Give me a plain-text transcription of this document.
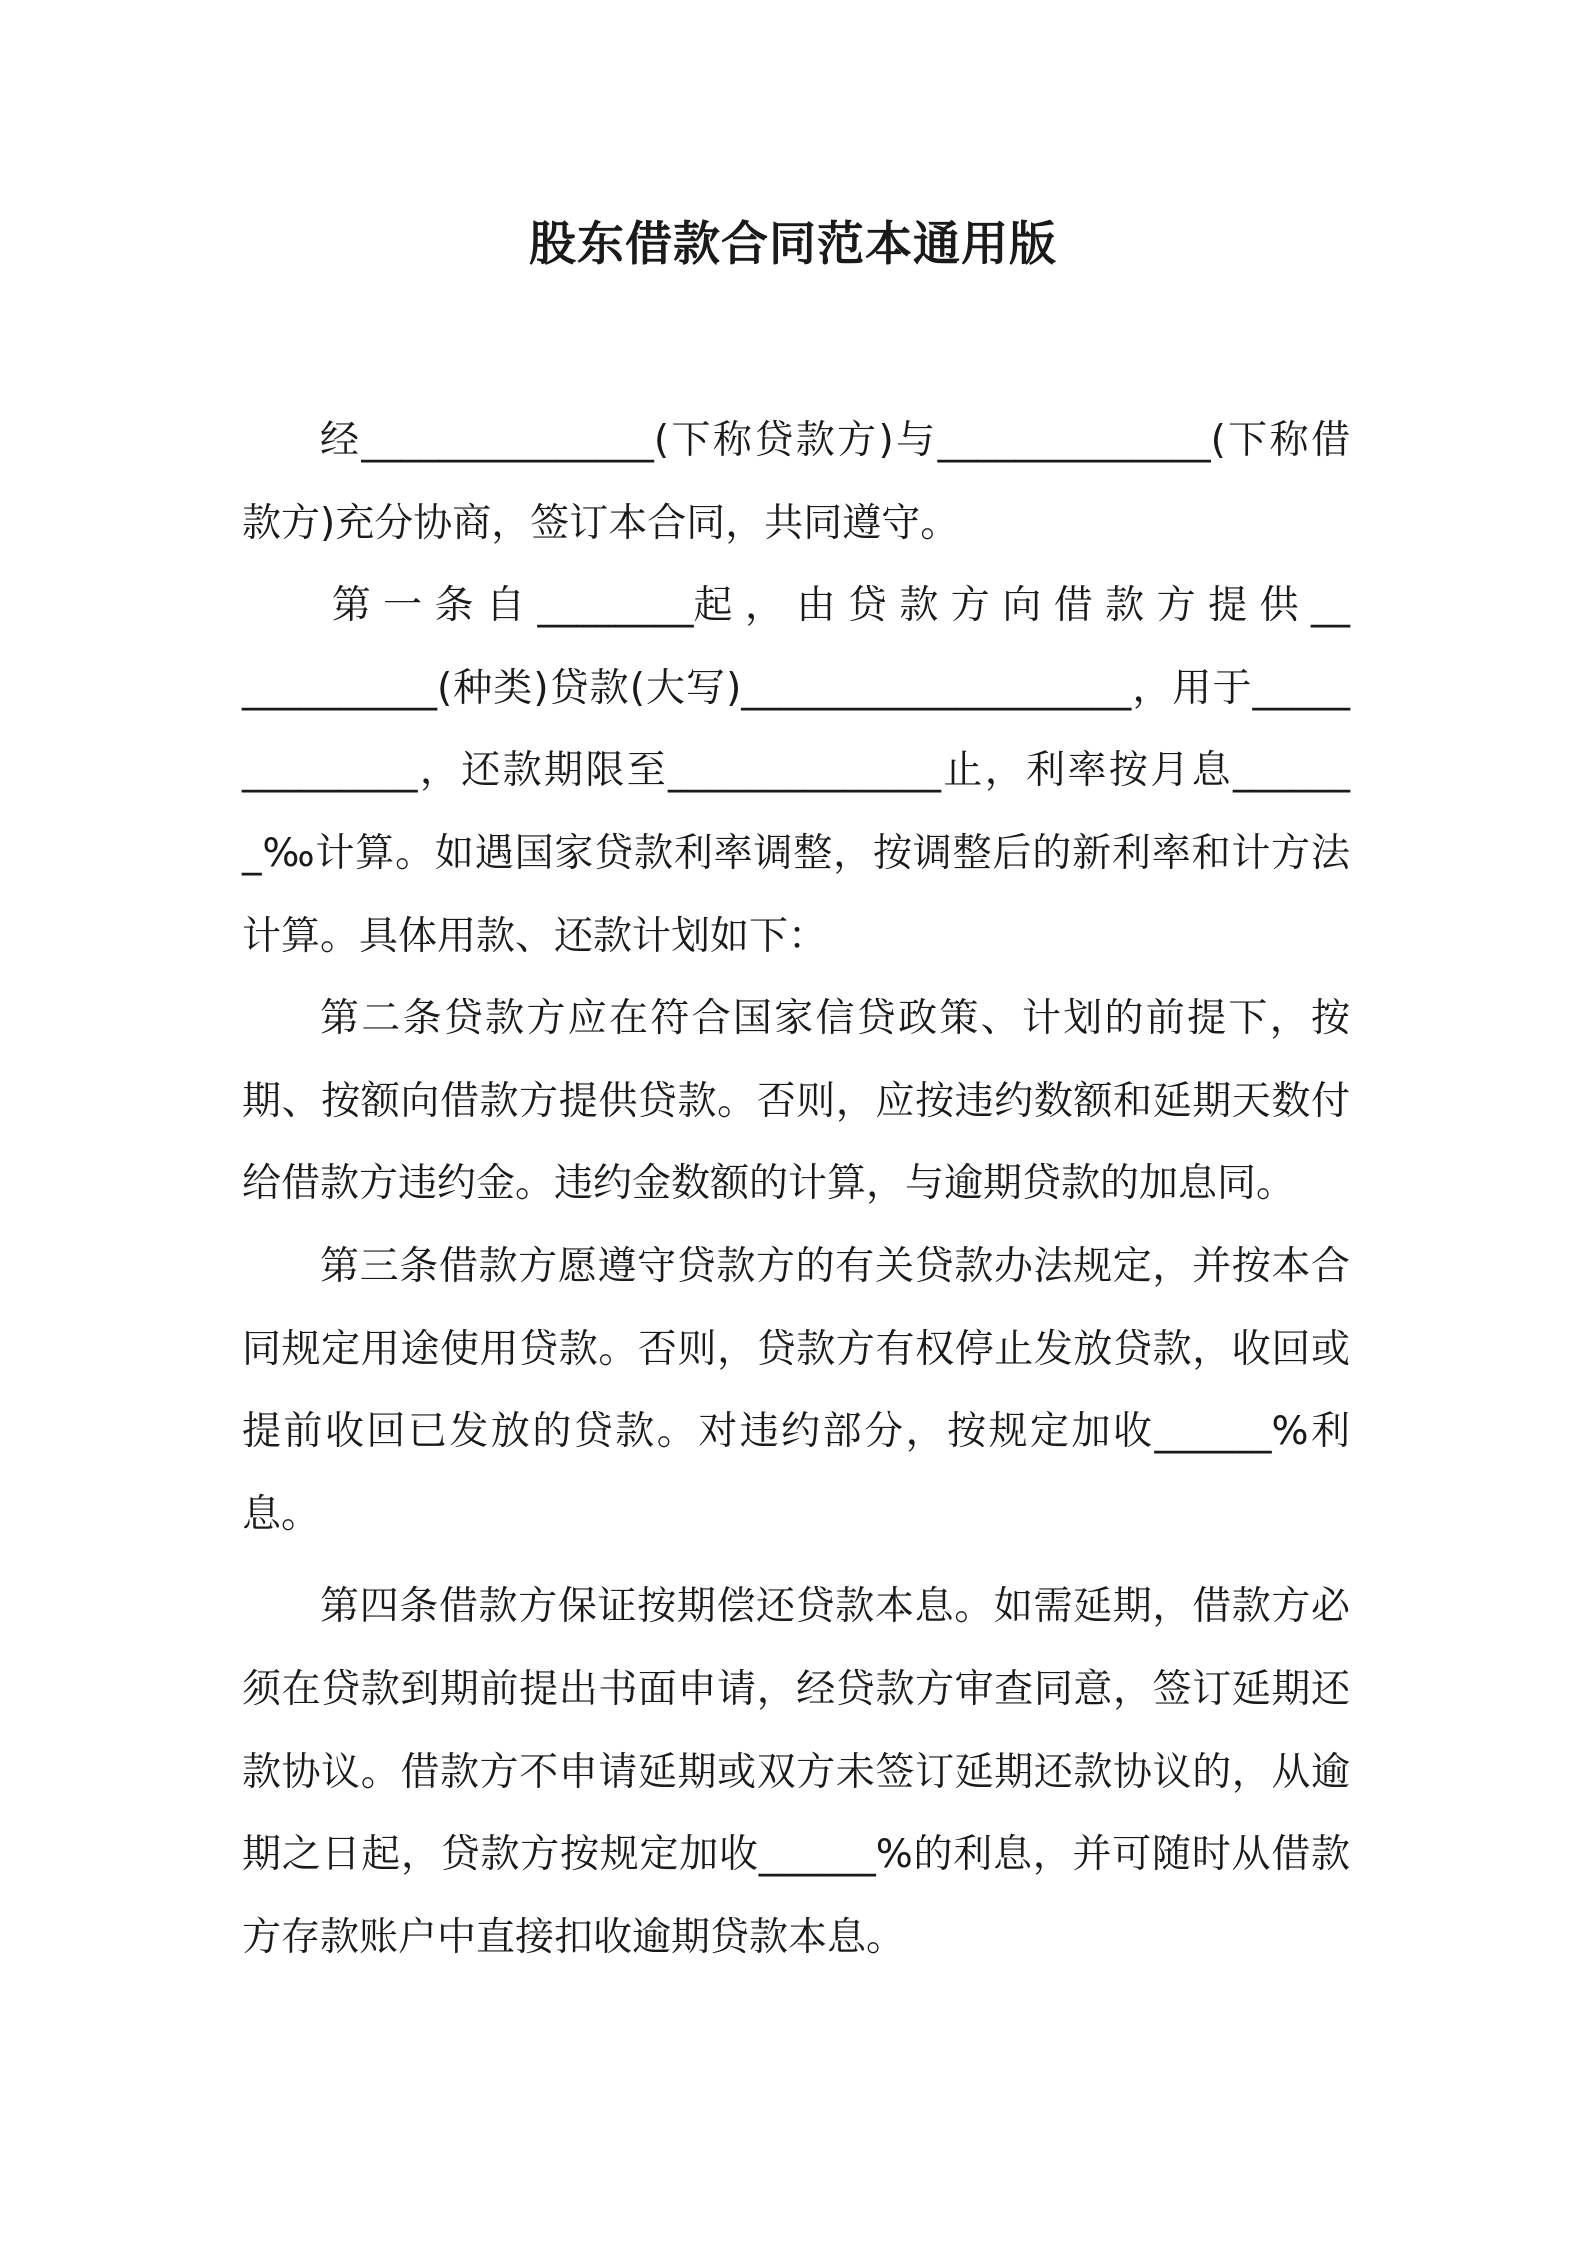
股东借款合同范本通用版

经_______________(下称贷款方)与______________(下称借款方)充分协商，签订本合同，共同遵守。

第 一 条 自 ________起 ， 由 贷 款 方 向 借 款 方 提 供 ____________(种类)贷款(大写)____________________，用于______________，还款期限至______________止，利率按月息_______‰计算。如遇国家贷款利率调整，按调整后的新利率和计方法计算。具体用款、还款计划如下：

第二条贷款方应在符合国家信贷政策、计划的前提下，按期、按额向借款方提供贷款。否则，应按违约数额和延期天数付给借款方违约金。违约金数额的计算，与逾期贷款的加息同。

第三条借款方愿遵守贷款方的有关贷款办法规定，并按本合同规定用途使用贷款。否则，贷款方有权停止发放贷款，收回或提前收回已发放的贷款。对违约部分，按规定加收______%利息。

第四条借款方保证按期偿还贷款本息。如需延期，借款方必须在贷款到期前提出书面申请，经贷款方审查同意，签订延期还款协议。借款方不申请延期或双方未签订延期还款协议的，从逾期之日起，贷款方按规定加收______%的利息，并可随时从借款方存款账户中直接扣收逾期贷款本息。
